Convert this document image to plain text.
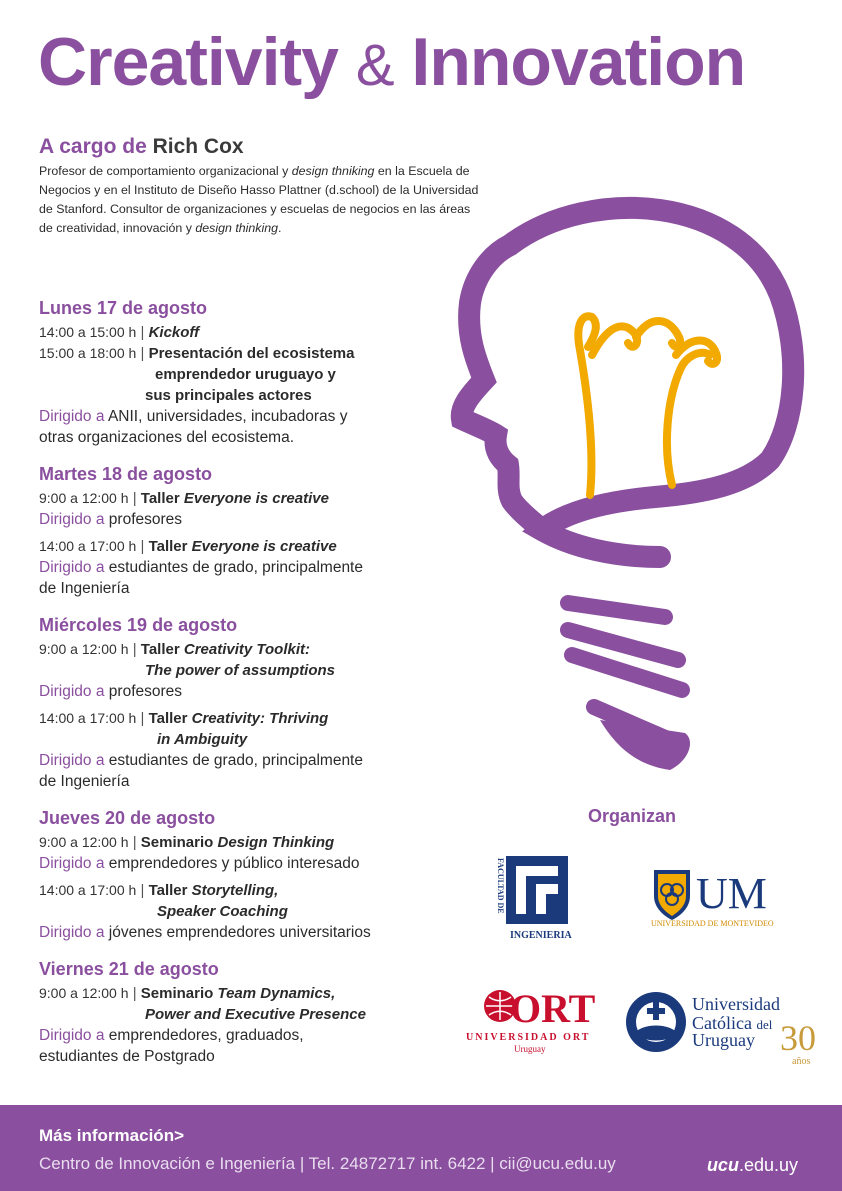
Creativity & Innovation
A cargo de Rich Cox

Profesor de comportamiento organizacional y design thniking en la Escuela de Negocios y en el Instituto de Diseño Hasso Plattner (d.school) de la Universidad de Stanford. Consultor de organizaciones y escuelas de negocios en las áreas de creatividad, innovación y design thinking.

Lunes 17 de agosto
14:00 a 15:00 h | Kickoff
15:00 a 18:00 h | Presentación del ecosistema
emprendedor uruguayo y
sus principales actores
Dirigido a ANII, universidades, incubadoras y
otras organizaciones del ecosistema.
Martes 18 de agosto
9:00 a 12:00 h | Taller Everyone is creative
Dirigido a profesores
14:00 a 17:00 h | Taller Everyone is creative
Dirigido a estudiantes de grado, principalmente
de Ingeniería
Miércoles 19 de agosto
9:00 a 12:00 h | Taller Creativity Toolkit:
The power of assumptions
Dirigido a profesores
14:00 a 17:00 h | Taller Creativity: Thriving
in Ambiguity
Dirigido a estudiantes de grado, principalmente
de Ingeniería
Jueves 20 de agosto
9:00 a 12:00 h | Seminario Design Thinking
Dirigido a emprendedores y público interesado
14:00 a 17:00 h | Taller Storytelling,
Speaker Coaching
Dirigido a jóvenes emprendedores universitarios
Viernes 21 de agosto
9:00 a 12:00 h | Seminario Team Dynamics,
Power and Executive Presence
Dirigido a emprendedores, graduados,
estudiantes de Postgrado

Organizan

FACULTAD DE
INGENIERIA
UM
UNIVERSIDAD DE MONTEVIDEO
ORT
UNIVERSIDAD ORT
Uruguay
Universidad
Católica del
Uruguay 30
años

Más información>

Centro de Innovación e Ingeniería | Tel. 24872717 int. 6422 | cii@ucu.edu.uy	ucu.edu.uy
